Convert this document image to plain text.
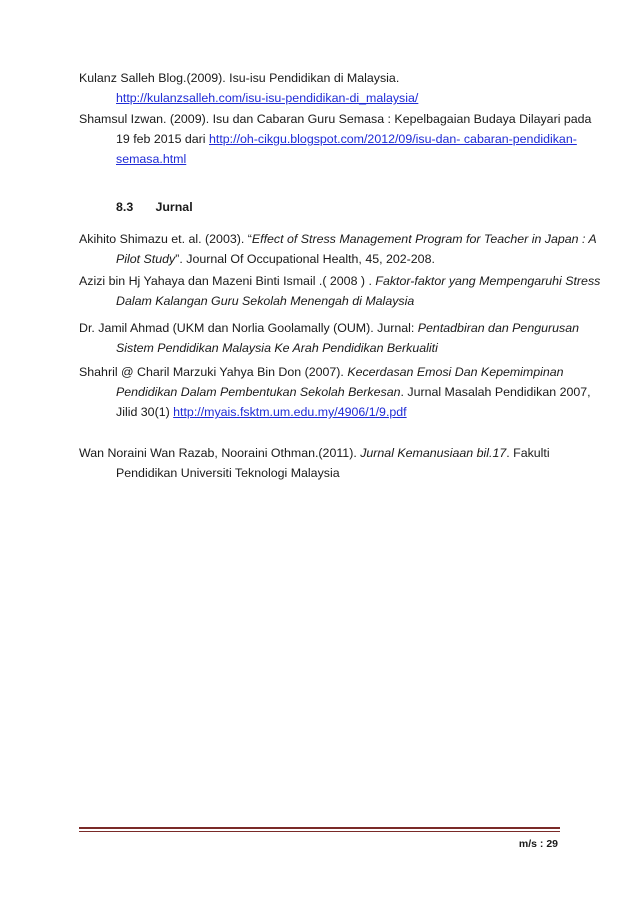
Kulanz Salleh Blog.(2009). Isu-isu Pendidikan di Malaysia.
http://kulanzsalleh.com/isu-isu-pendidikan-di_malaysia/
Shamsul Izwan. (2009). Isu dan Cabaran Guru Semasa : Kepelbagaian Budaya Dilayari pada 19 feb 2015 dari http://oh-cikgu.blogspot.com/2012/09/isu-dan- cabaran-pendidikan-semasa.html
8.3 Jurnal
Akihito Shimazu et. al. (2003). “Effect of Stress Management Program for Teacher in Japan : A Pilot Study”. Journal Of Occupational Health, 45, 202-208.
Azizi bin Hj Yahaya dan Mazeni Binti Ismail .( 2008 ) . Faktor-faktor yang Mempengaruhi Stress Dalam Kalangan Guru Sekolah Menengah di Malaysia
Dr. Jamil Ahmad (UKM dan Norlia Goolamally (OUM). Jurnal: Pentadbiran dan Pengurusan Sistem Pendidikan Malaysia Ke Arah Pendidikan Berkualiti
Shahril @ Charil Marzuki Yahya Bin Don (2007). Kecerdasan Emosi Dan Kepemimpinan Pendidikan Dalam Pembentukan Sekolah Berkesan. Jurnal Masalah Pendidikan 2007, Jilid 30(1) http://myais.fsktm.um.edu.my/4906/1/9.pdf
Wan Noraini Wan Razab, Nooraini Othman.(2011). Jurnal Kemanusiaan bil.17. Fakulti Pendidikan Universiti Teknologi Malaysia
m/s : 29
